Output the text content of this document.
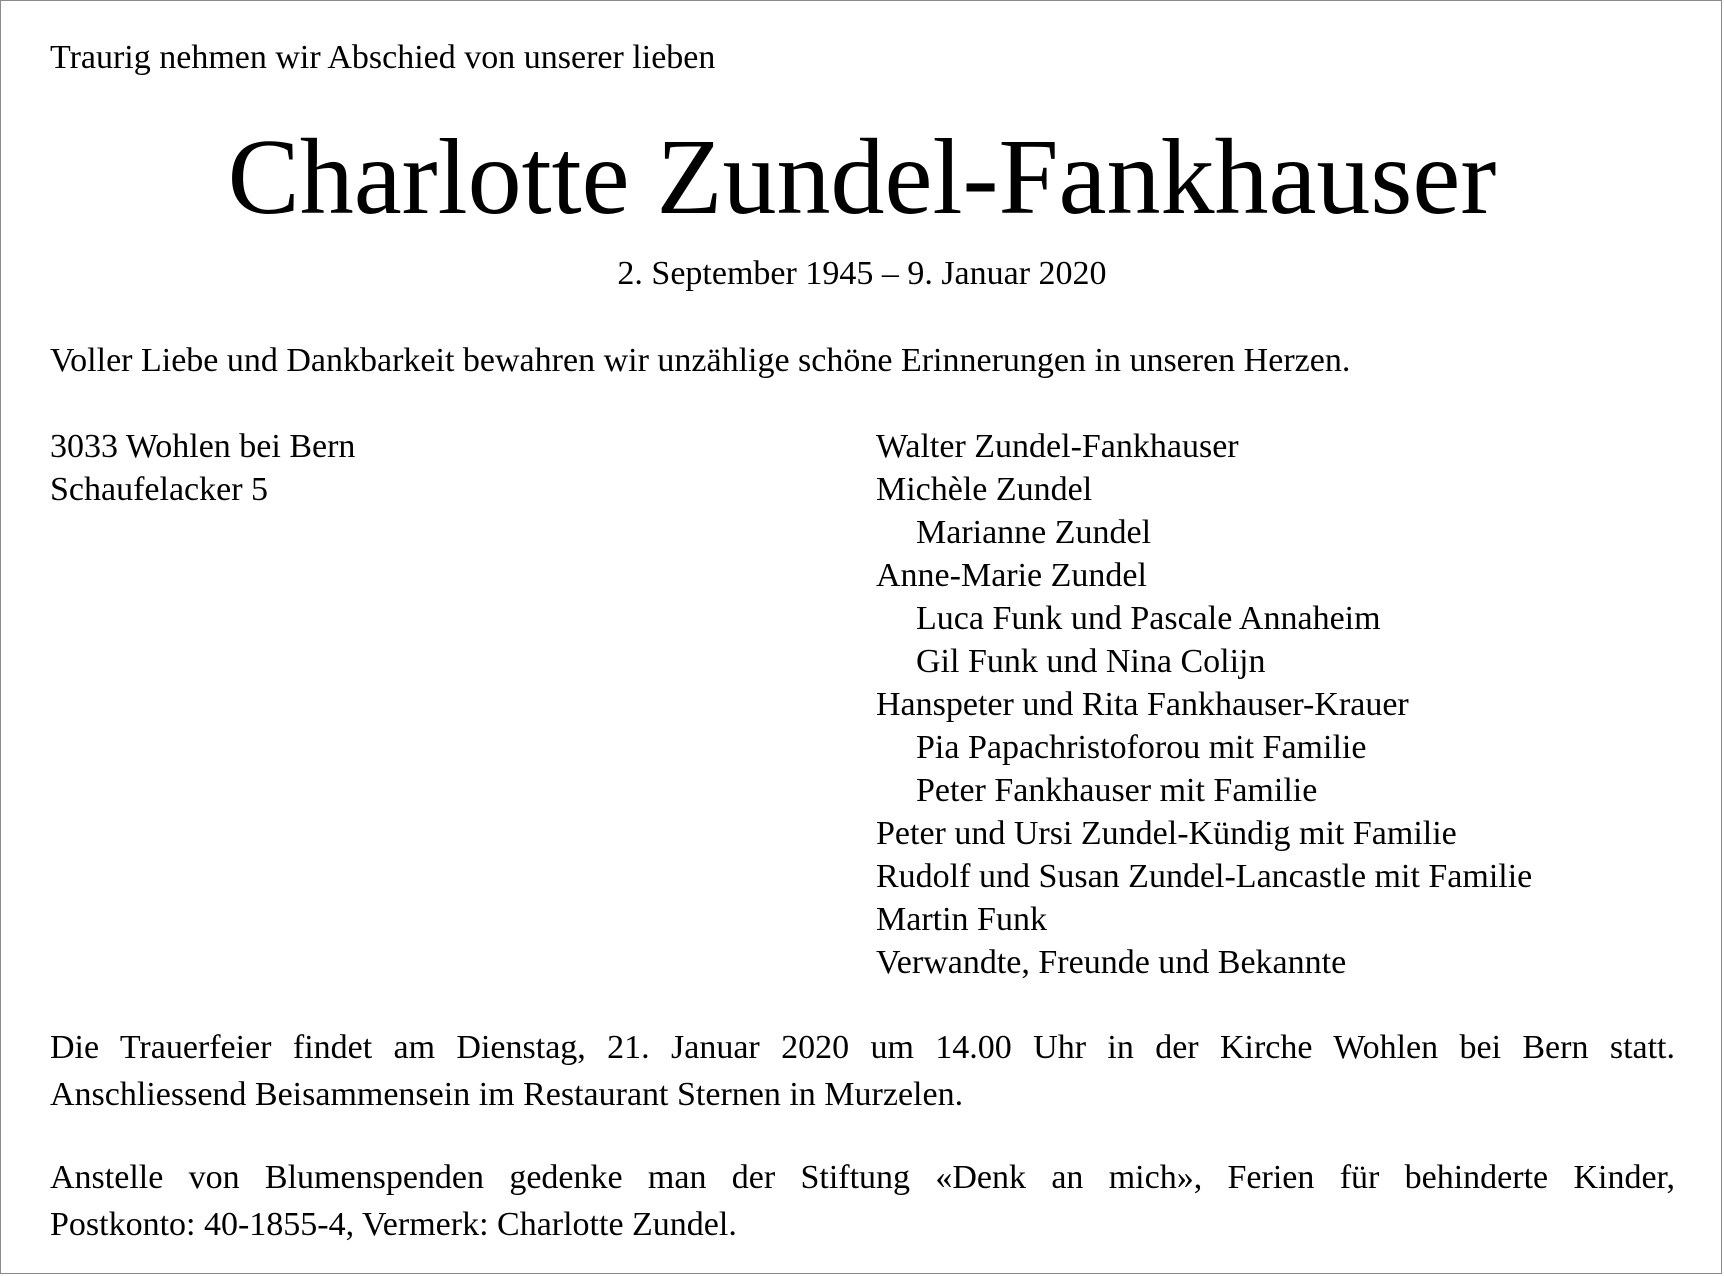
Traurig nehmen wir Abschied von unserer lieben
Charlotte Zundel-Fankhauser
2. September 1945 – 9. Januar 2020
Voller Liebe und Dankbarkeit bewahren wir unzählige schöne Erinnerungen in unseren Herzen.
3033 Wohlen bei Bern
Schaufelacker 5
Walter Zundel-Fankhauser
Michèle Zundel
Marianne Zundel
Anne-Marie Zundel
Luca Funk und Pascale Annaheim
Gil Funk und Nina Colijn
Hanspeter und Rita Fankhauser-Krauer
Pia Papachristoforou mit Familie
Peter Fankhauser mit Familie
Peter und Ursi Zundel-Kündig mit Familie
Rudolf und Susan Zundel-Lancastle mit Familie
Martin Funk
Verwandte, Freunde und Bekannte
Die Trauerfeier findet am Dienstag, 21. Januar 2020 um 14.00 Uhr in der Kirche Wohlen bei Bern statt.
Anschliessend Beisammensein im Restaurant Sternen in Murzelen.
Anstelle von Blumenspenden gedenke man der Stiftung «Denk an mich», Ferien für behinderte Kinder,
Postkonto: 40-1855-4, Vermerk: Charlotte Zundel.
